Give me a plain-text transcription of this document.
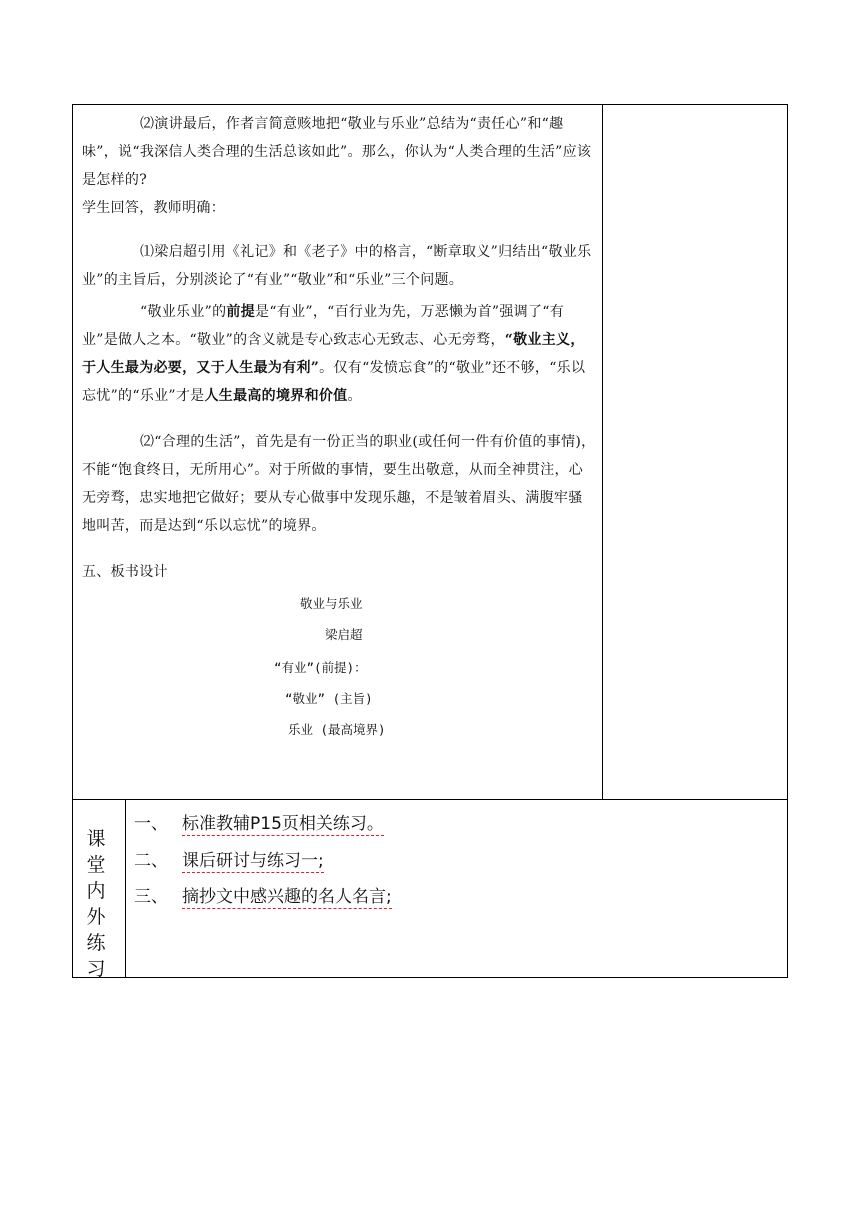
⑵演讲最后，作者言简意赅地把“敬业与乐业”总结为“责任心”和“趣味”，说“我深信人类合理的生活总该如此”。那么，你认为“人类合理的生活”应该是怎样的?
学生回答，教师明确：
⑴梁启超引用《礼记》和《老子》中的格言，“断章取义”归结出“敬业乐业”的主旨后，分别淡论了“有业”“敬业”和“乐业”三个问题。
“敬业乐业”的前提是“有业”，“百行业为先，万恶懒为首”强调了“有业”是做人之本。“敬业”的含义就是专心致志心无致志、心无旁骛，“敬业主义，于人生最为必要，又于人生最为有利”。仅有“发愤忘食”的“敬业”还不够，“乐以忘忧”的“乐业”才是人生最高的境界和价值。
⑵“合理的生活”，首先是有一份正当的职业(或任何一件有价值的事情)，不能“饱食终日，无所用心”。对于所做的事情，要生出敬意，从而全神贯注，心无旁骛，忠实地把它做好；要从专心做事中发现乐趣，不是皱着眉头、满腹牢骚地叫苦，而是达到“乐以忘忧”的境界。
五、板书设计
敬业与乐业
梁启超
“有业”(前提)：
“敬业” (主旨)
乐业 (最高境界)
课
堂
内
外
练
习
一、 标准教辅P15页相关练习。
二、 课后研讨与练习一;
三、 摘抄文中感兴趣的名人名言;
